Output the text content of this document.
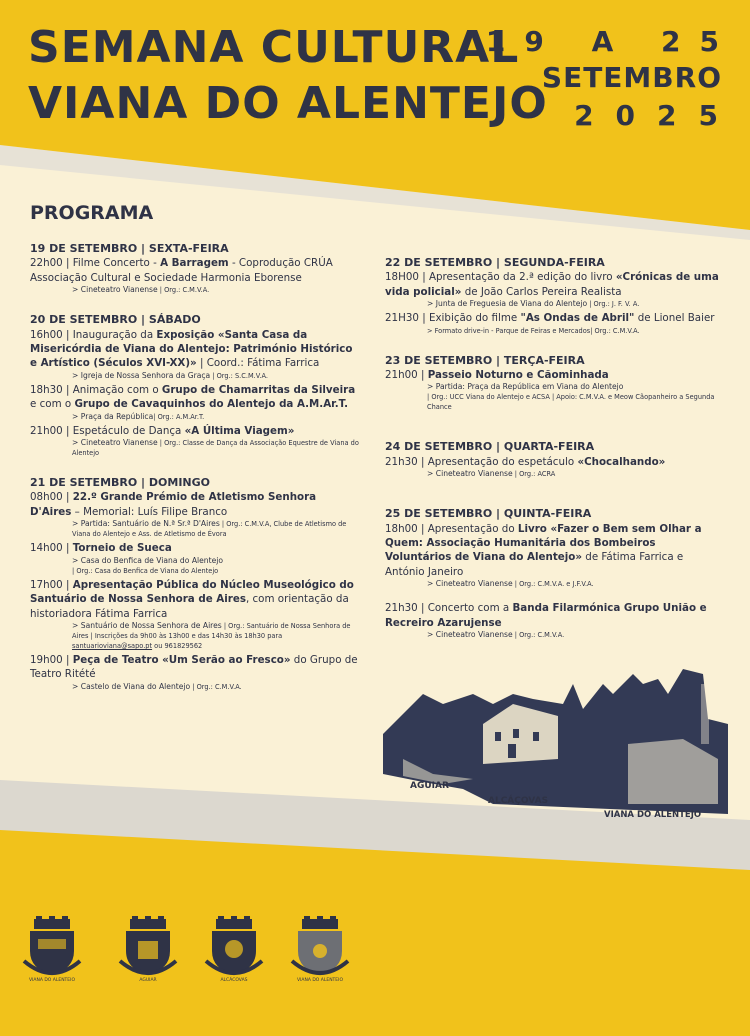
SEMANA CULTURAL
VIANA DO ALENTEJO
19 A 25
SETEMBRO
2025
PROGRAMA
19 DE SETEMBRO | SEXTA-FEIRA

22h00 | Filme Concerto - A Barragem - Coprodução CRÚA Associação Cultural e Sociedade Harmonia Eborense

> Cineteatro Vianense | Org.: C.M.V.A.
20 DE SETEMBRO | SÁBADO

16h00 | Inauguração da Exposição «Santa Casa da Misericórdia de Viana do Alentejo: Património Histórico e Artístico (Séculos XVI-XX)» | Coord.: Fátima Farrica

> Igreja de Nossa Senhora da Graça | Org.: S.C.M.V.A.

18h30 | Animação com o Grupo de Chamarritas da Silveira e com o Grupo de Cavaquinhos do Alentejo da A.M.Ar.T.

> Praça da República| Org.: A.M.Ar.T.

21h00 | Espetáculo de Dança «A Última Viagem»

> Cineteatro Vianense | Org.: Classe de Dança da Associação Equestre de Viana do Alentejo
21 DE SETEMBRO | DOMINGO

08h00 | 22.º Grande Prémio de Atletismo Senhora D'Aires – Memorial: Luís Filipe Branco

> Partida: Santuário de N.ª Sr.ª D'Aires | Org.: C.M.V.A, Clube de Atletismo de Viana do Alentejo e Ass. de Atletismo de Évora

14h00 | Torneio de Sueca

> Casa do Benfica de Viana do Alentejo
| Org.: Casa do Benfica de Viana do Alentejo

17h00 | Apresentação Pública do Núcleo Museológico do Santuário de Nossa Senhora de Aires, com orientação da historiadora Fátima Farrica

> Santuário de Nossa Senhora de Aires | Org.: Santuário de Nossa Senhora de Aires | Inscrições da 9h00 às 13h00 e das 14h30 às 18h30 para santuarioviana@sapo.pt ou 961829562

19h00 | Peça de Teatro «Um Serão ao Fresco» do Grupo de Teatro Ritété

> Castelo de Viana do Alentejo | Org.: C.M.V.A.
22 DE SETEMBRO | SEGUNDA-FEIRA

18H00 | Apresentação da 2.ª edição do livro «Crónicas de uma vida policial» de João Carlos Pereira Realista

> Junta de Freguesia de Viana do Alentejo | Org.: J. F. V. A.

21H30 | Exibição do filme "As Ondas de Abril" de Lionel Baier

> Formato drive-in - Parque de Feiras e Mercados| Org.: C.M.V.A.
23 DE SETEMBRO | TERÇA-FEIRA

21h00 | Passeio Noturno e Cãominhada

> Partida: Praça da República em Viana do Alentejo
| Org.: UCC Viana do Alentejo e ACSA | Apoio: C.M.V.A. e Meow Cãopanheiro a Segunda Chance
24 DE SETEMBRO | QUARTA-FEIRA

21h30 | Apresentação do espetáculo «Chocalhando»

> Cineteatro Vianense | Org.: ACRA
25 DE SETEMBRO | QUINTA-FEIRA

18h00 | Apresentação do Livro «Fazer o Bem sem Olhar a Quem: Associação Humanitária dos Bombeiros Voluntários de Viana do Alentejo» de Fátima Farrica e António Janeiro

> Cineteatro Vianense | Org.: C.M.V.A. e J.F.V.A.

21h30 | Concerto com a Banda Filarmónica Grupo União e Recreiro Azarujense

> Cineteatro Vianense | Org.: C.M.V.A.
AGUIAR
ALCÁÇOVAS
VIANA DO ALENTEJO
VIANA DO ALENTEJO	AGUIAR	ALCÁÇOVAS	VIANA DO ALENTEJO
